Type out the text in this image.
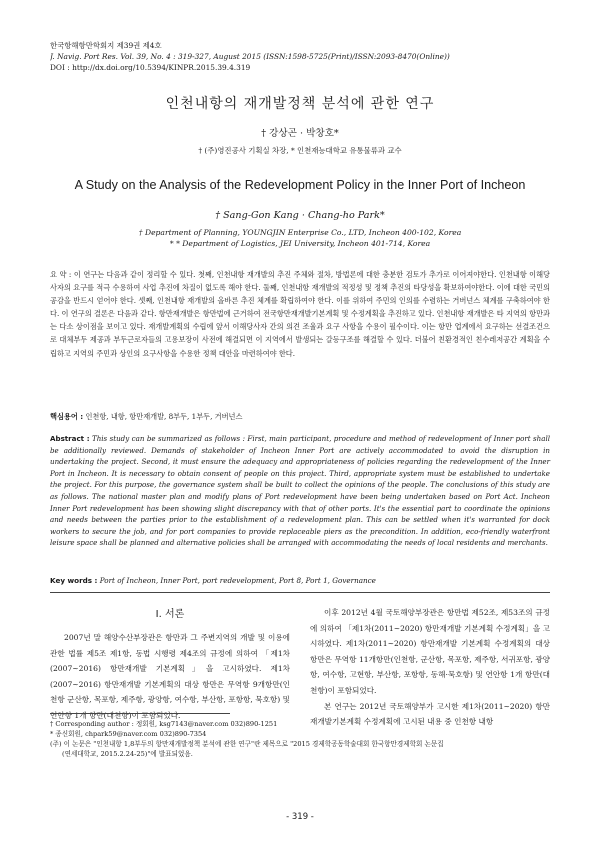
한국항해항만학회지 제39권 제4호
J. Navig. Port Res. Vol. 39, No. 4 : 319-327, August 2015 (ISSN:1598-5725(Print)/ISSN:2093-8470(Online))
DOI : http://dx.doi.org/10.5394/KINPR.2015.39.4.319
인천내항의 재개발정책 분석에 관한 연구
† 강상곤 · 박창호*
† (주)영진공사 기획실 차장, * 인천재능대학교 유통물류과 교수
A Study on the Analysis of the Redevelopment Policy in the Inner Port of Incheon
† Sang-Gon Kang · Chang-ho Park*
† Department of Planning, YOUNGJIN Enterprise Co., LTD, Incheon 400-102, Korea
* * Department of Logistics, JEI University, Incheon 401-714, Korea
요 약 : 이 연구는 다음과 같이 정리할 수 있다. 첫째, 인천내항 재개발의 추진 주체와 절차, 방법론에 대한 충분한 검토가 추가로 이어져야한다. 인천내항 이해당사자의 요구를 적극 수용하여 사업 추진에 차질이 없도록 해야 한다. 둘째, 인천내항 재개발의 적정성 및 정책 추진의 타당성을 확보하여야한다. 이에 대한 국민의 공감을 반드시 얻어야 한다. 셋째, 인천내항 재개발의 올바른 추진 체계를 확립하여야 한다. 이를 위하여 주민의 인의를 수렴하는 거버넌스 체계를 구축하여야 한다. 이 연구의 결론은 다음과 같다. 항만재개발은 항만법에 근거하여 전국항만재개발기본계획 및 수정계획을 추진하고 있다. 인천내항 재개발은 타 지역의 항만과는 다소 상이점을 보이고 있다. 재개발계획의 수립에 앞서 이해당사자 간의 의견 조율과 요구 사항을 수용이 필수이다. 이는 항만 업계에서 요구하는 선결조건으로 대체부두 제공과 부두근로자들의 고용보장이 사전에 해결되면 이 지역에서 발생되는 갈등구조를 해결할 수 있다. 더불어 친환경적인 친수레저공간 계획을 수립하고 지역의 주민과 상인의 요구사항을 수용한 정책 대안을 마련하여야 한다.
핵심용어 : 인천항, 내항, 항만재개발, 8부두, 1부두, 거버넌스
Abstract : This study can be summarized as follows : First, main participant, procedure and method of redevelopment of Inner port shall be additionally reviewed. Demands of stakeholder of Incheon Inner Port are actively accommodated to avoid the disruption in undertaking the project. Second, it must ensure the adequacy and appropriateness of policies regarding the redevelopment of the Inner Port in Incheon. It is necessary to obtain consent of people on this project. Third, appropriate system must be established to undertake the project. For this purpose, the governance system shall be built to collect the opinions of the people. The conclusions of this study are as follows. The national master plan and modify plans of Port redevelopment have been being undertaken based on Port Act. Incheon Inner Port redevelopment has been showing slight discrepancy with that of other ports. It's the essential part to coordinate the opinions and needs between the parties prior to the establishment of a redevelopment plan. This can be settled when it's warranted for dock workers to secure the job, and for port companies to provide replaceable piers as the precondition. In addition, eco-friendly waterfront leisure space shall be planned and alternative policies shall be arranged with accommodating the needs of local residents and merchants.
Key words : Port of Incheon, Inner Port, port redevelopment, Port 8, Port 1, Governance
Ⅰ. 서론

2007년 말 해양수산부장관은 항만과 그 주변지역의 개발 및 이용에 관한 법률 제5조 제1항, 동법 시행령 제4조의 규정에 의하여 「제1차(2007~2016) 항만재개발 기본계획」을 고시하였다. 제1차(2007~2016) 항만재개발 기본계획의 대상 항만은 무역항 9개항만(인천항 군산항, 목포항, 제주항, 광양항, 여수항, 부산항, 포항항, 묵호항) 및 연안항 1개 항만(대천항)이 포함되었다.

이후 2012년 4월 국토해양부장관은 항만법 제52조, 제53조의 규정에 의하여 「제1차(2011~2020) 항만재개발 기본계획 수정계획」을 고시하였다. 제1차(2011~2020) 항만재개발 기본계획 수정계획의 대상 항만은 무역항 11개항만(인천항, 군산항, 목포항, 제주항, 서귀포항, 광양항, 여수항, 고현항, 부산항, 포항항, 동해·묵호항) 및 연안항 1개 항만(대천항)이 포함되었다.

본 연구는 2012년 국토해양부가 고시한 제1차(2011~2020) 항만재개발기본계획 수정계획에 고시된 내용 중 인천항 내항

† Corresponding author : 정회원, ksg7143@naver.com 032)890-1251
* 종신회원, chpark59@naver.com 032)890-7354
(주) 이 논문은 "인천내항 1,8부두의 항만재개발정책 분석에 관한 연구"란 제목으로 "2015 경제학공동학술대회 한국항만경제학회 논문집
(연세대학교, 2015.2.24-25)"에 발표되었음.
- 319 -
